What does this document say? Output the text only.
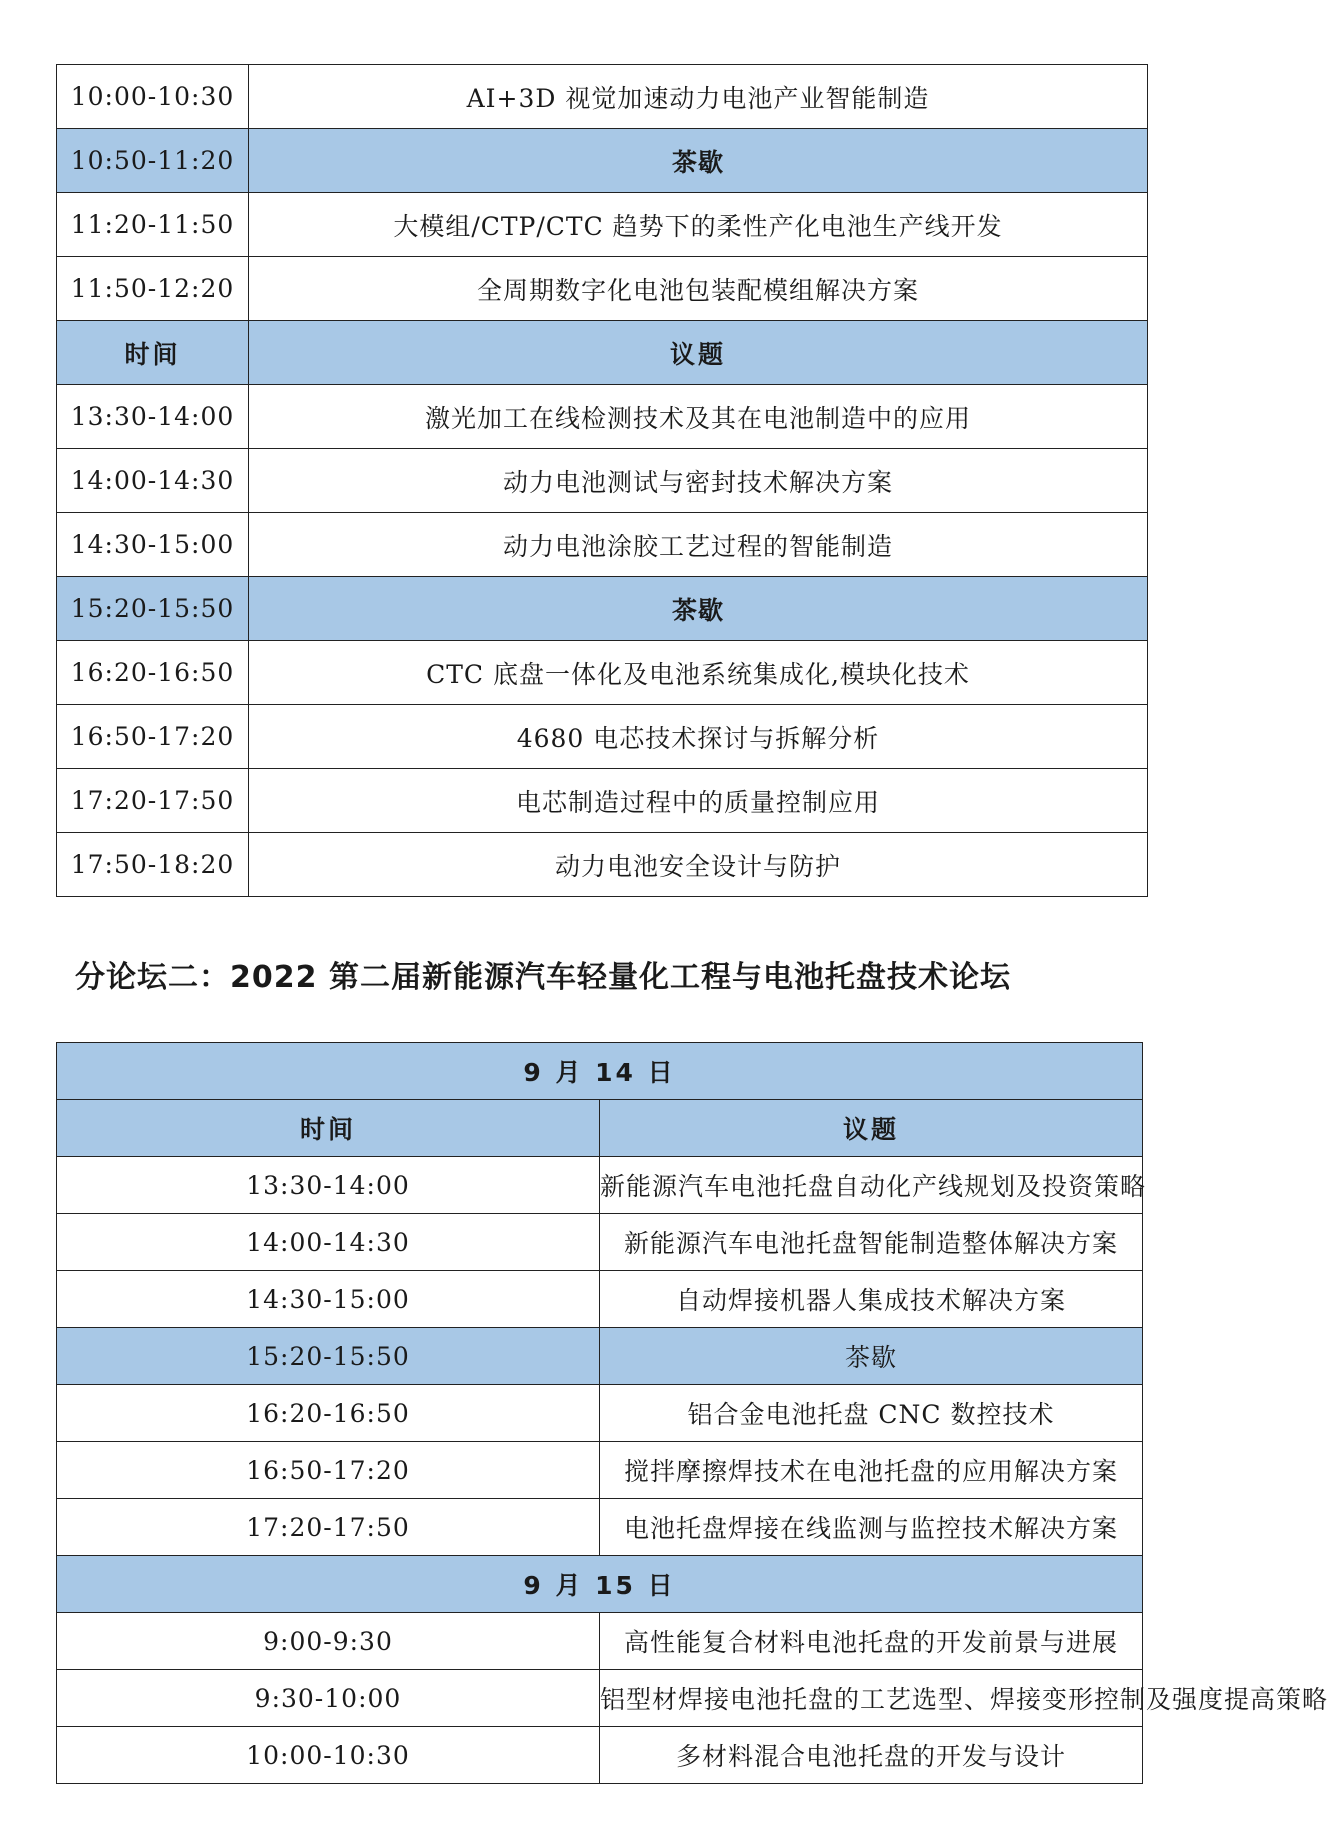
10:00-10:30	AI+3D 视觉加速动力电池产业智能制造
10:50-11:20	茶歇
11:20-11:50	大模组/CTP/CTC 趋势下的柔性产化电池生产线开发
11:50-12:20	全周期数字化电池包装配模组解决方案
时间	议题
13:30-14:00	激光加工在线检测技术及其在电池制造中的应用
14:00-14:30	动力电池测试与密封技术解决方案
14:30-15:00	动力电池涂胶工艺过程的智能制造
15:20-15:50	茶歇
16:20-16:50	CTC 底盘一体化及电池系统集成化,模块化技术
16:50-17:20	4680 电芯技术探讨与拆解分析
17:20-17:50	电芯制造过程中的质量控制应用
17:50-18:20	动力电池安全设计与防护
分论坛二：2022 第二届新能源汽车轻量化工程与电池托盘技术论坛
9 月 14 日	
时间	议题
13:30-14:00	新能源汽车电池托盘自动化产线规划及投资策略
14:00-14:30	新能源汽车电池托盘智能制造整体解决方案
14:30-15:00	自动焊接机器人集成技术解决方案
15:20-15:50	茶歇
16:20-16:50	铝合金电池托盘 CNC 数控技术
16:50-17:20	搅拌摩擦焊技术在电池托盘的应用解决方案
17:20-17:50	电池托盘焊接在线监测与监控技术解决方案
9 月 15 日	
9:00-9:30	高性能复合材料电池托盘的开发前景与进展
9:30-10:00	铝型材焊接电池托盘的工艺选型、焊接变形控制及强度提高策略
10:00-10:30	多材料混合电池托盘的开发与设计
